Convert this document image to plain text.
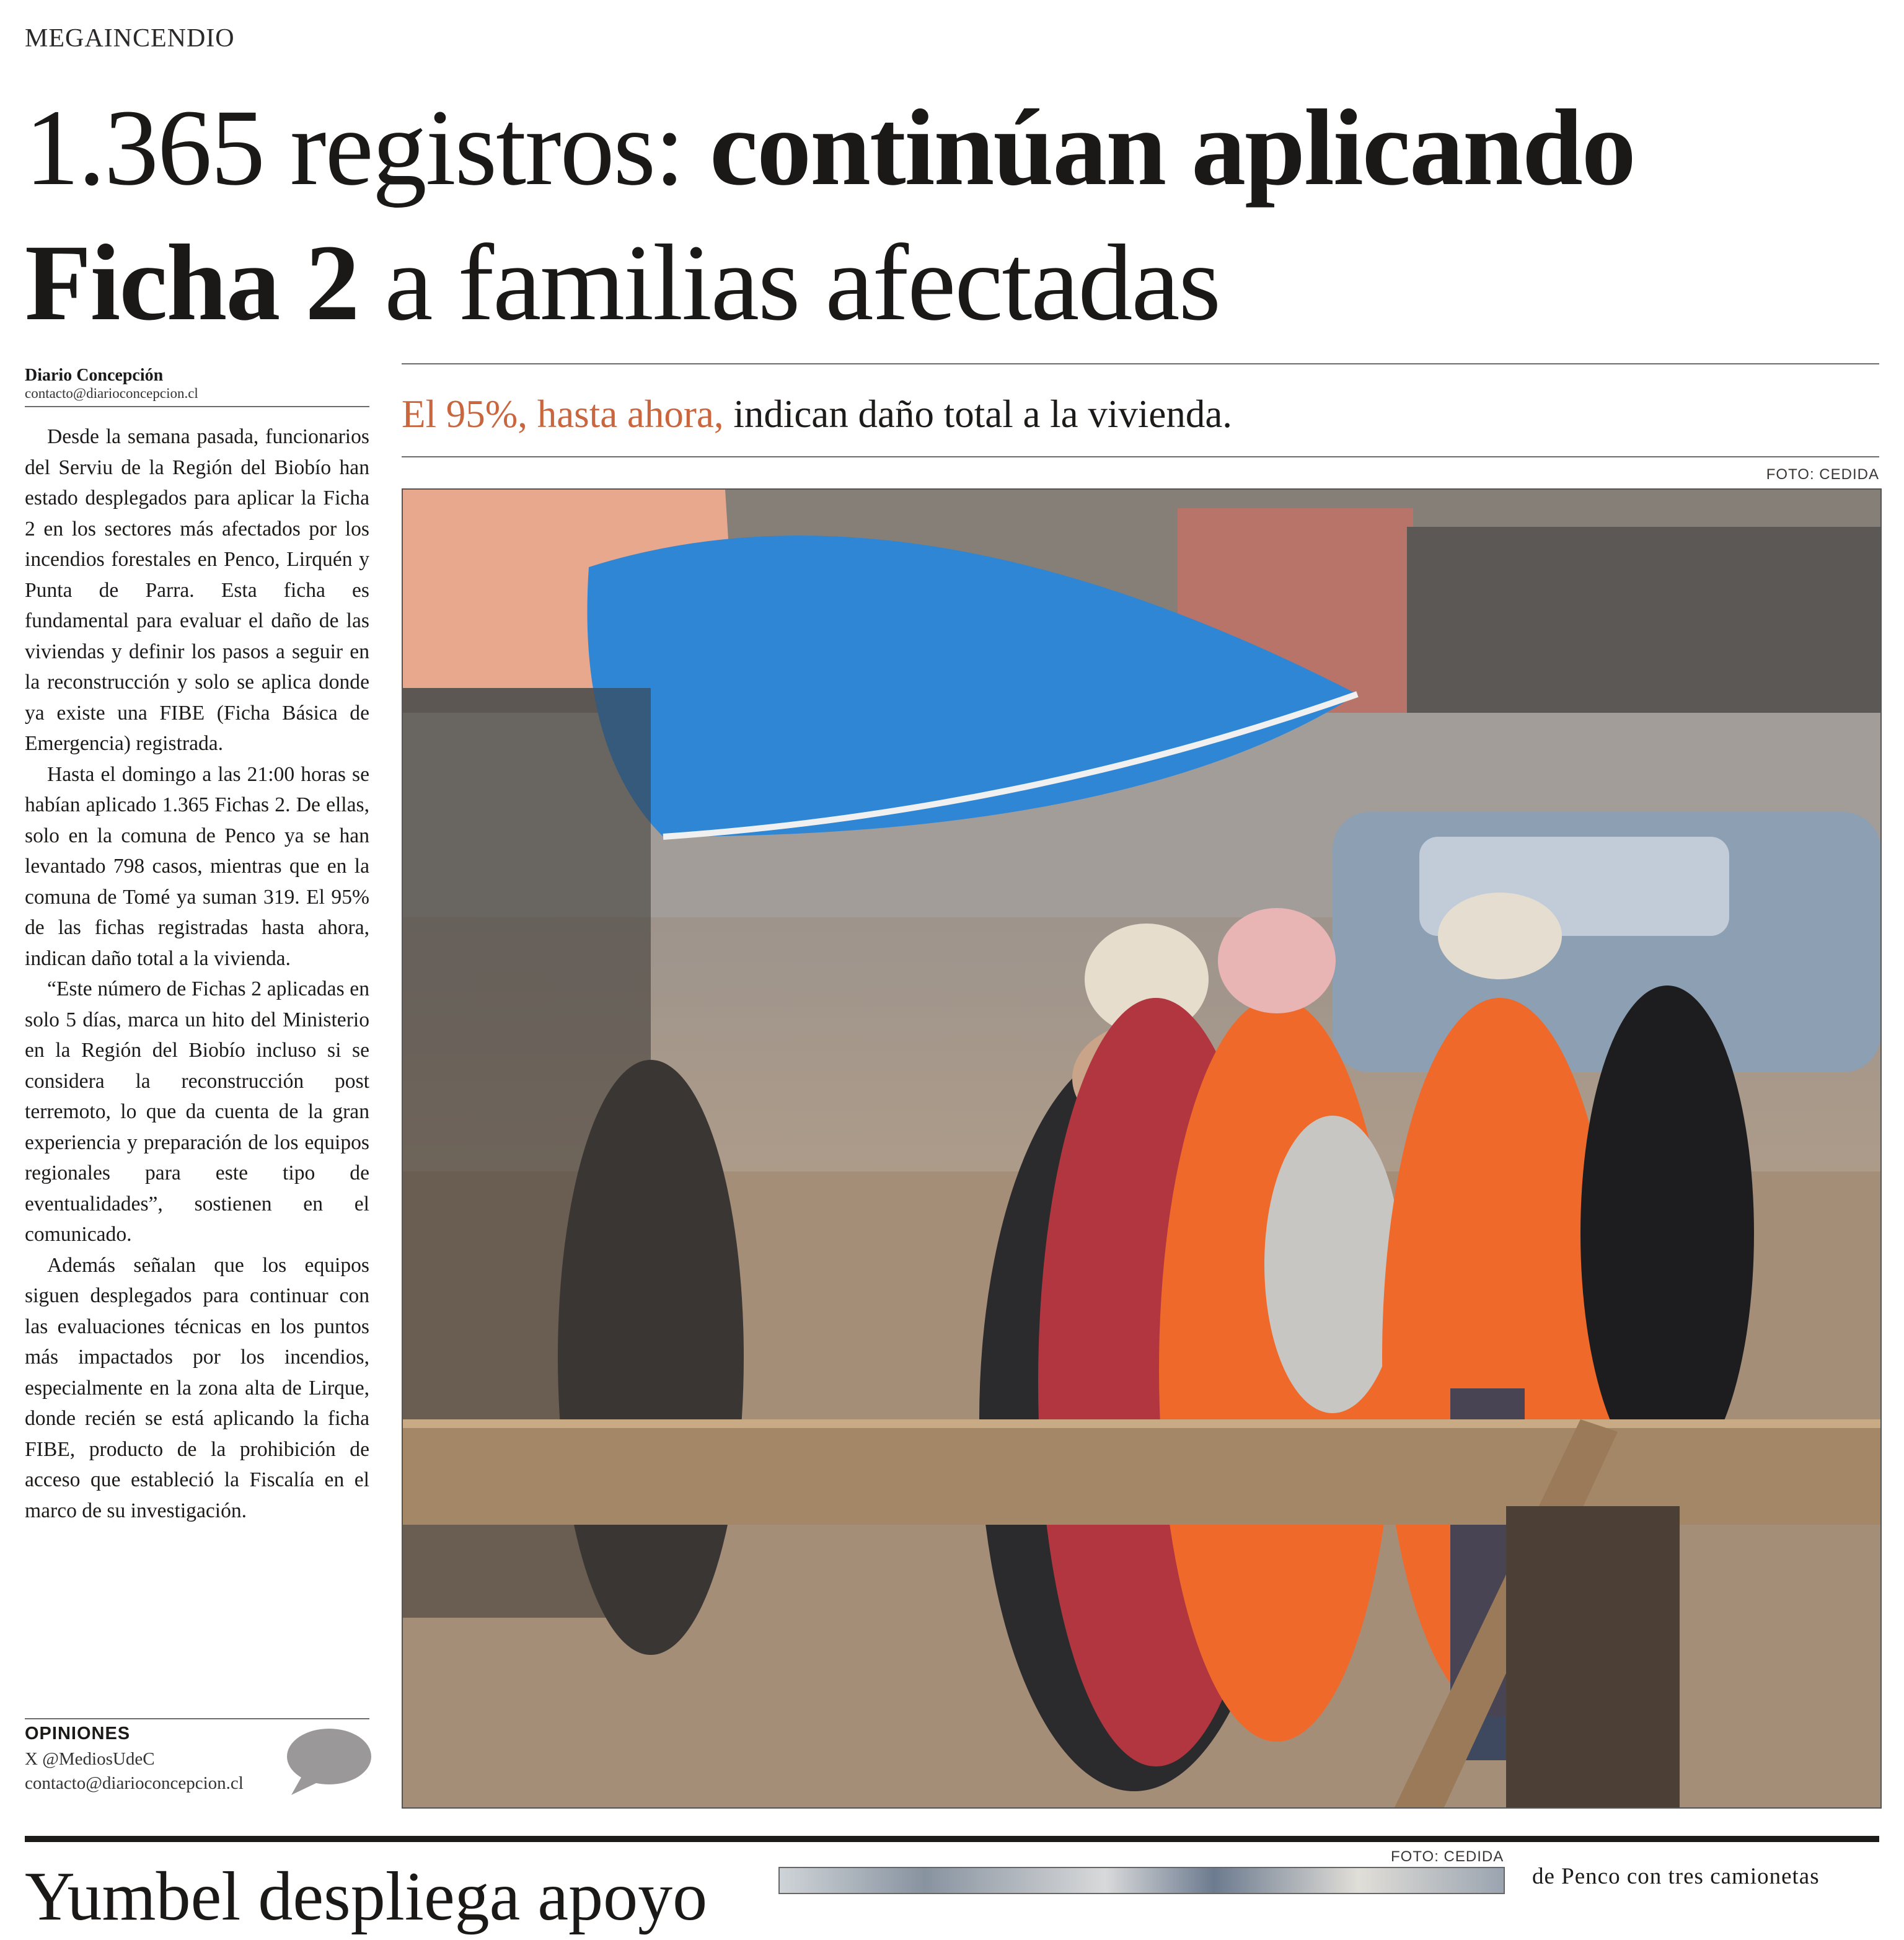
MEGAINCENDIO
1.365 registros: continúan aplicando
Ficha 2 a familias afectadas
Diario Concepción
contacto@diarioconcepcion.cl

Desde la semana pasada, funcionarios del Serviu de la Región del Biobío han estado desplegados para aplicar la Ficha 2 en los sectores más afectados por los incendios forestales en Penco, Lirquén y Punta de Parra. Esta ficha es fundamental para evaluar el daño de las viviendas y definir los pasos a seguir en la reconstrucción y solo se aplica donde ya existe una FIBE (Ficha Básica de Emergencia) registrada.

Hasta el domingo a las 21:00 horas se habían aplicado 1.365 Fichas 2. De ellas, solo en la comuna de Penco ya se han levantado 798 casos, mientras que en la comuna de Tomé ya suman 319. El 95% de las fichas registradas hasta ahora, indican daño total a la vivienda.

“Este número de Fichas 2 aplicadas en solo 5 días, marca un hito del Ministerio en la Región del Biobío incluso si se considera la reconstrucción post terremoto, lo que da cuenta de la gran experiencia y preparación de los equipos regionales para este tipo de eventualidades”, sostienen en el comunicado.

Además señalan que los equipos siguen desplegados para continuar con las evaluaciones técnicas en los puntos más impactados por los incendios, especialmente en la zona alta de Lirque, donde recién se está aplicando la ficha FIBE, producto de la prohibición de acceso que estableció la Fiscalía en el marco de su investigación.

OPINIONES
X @MediosUdeC
contacto@diarioconcepcion.cl
El 95%, hasta ahora, indican daño total a la vivienda.
FOTO: CEDIDA
Yumbel despliega apoyo
FOTO: CEDIDA
de Penco con tres camionetas
